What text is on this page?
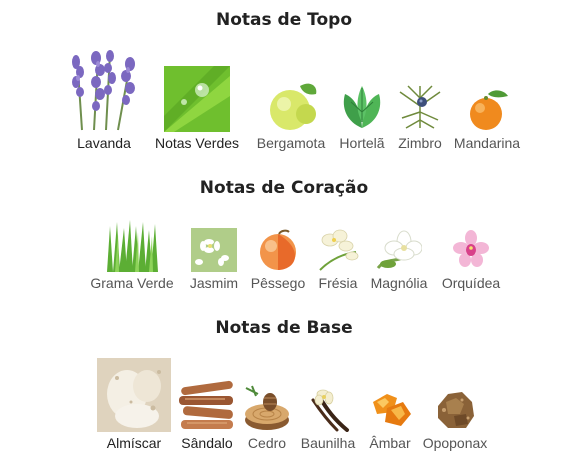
Notas de Topo
Lavanda	Notas Verdes	Bergamota	Hortelã Zimbro Mandarina
Notas de Coração
Grama Verde	Jasmim Pêssego Frésia Magnólia	Orquídea
Notas de Base
Almíscar	Sândalo	Cedro	Baunilha	Âmbar Opoponax
